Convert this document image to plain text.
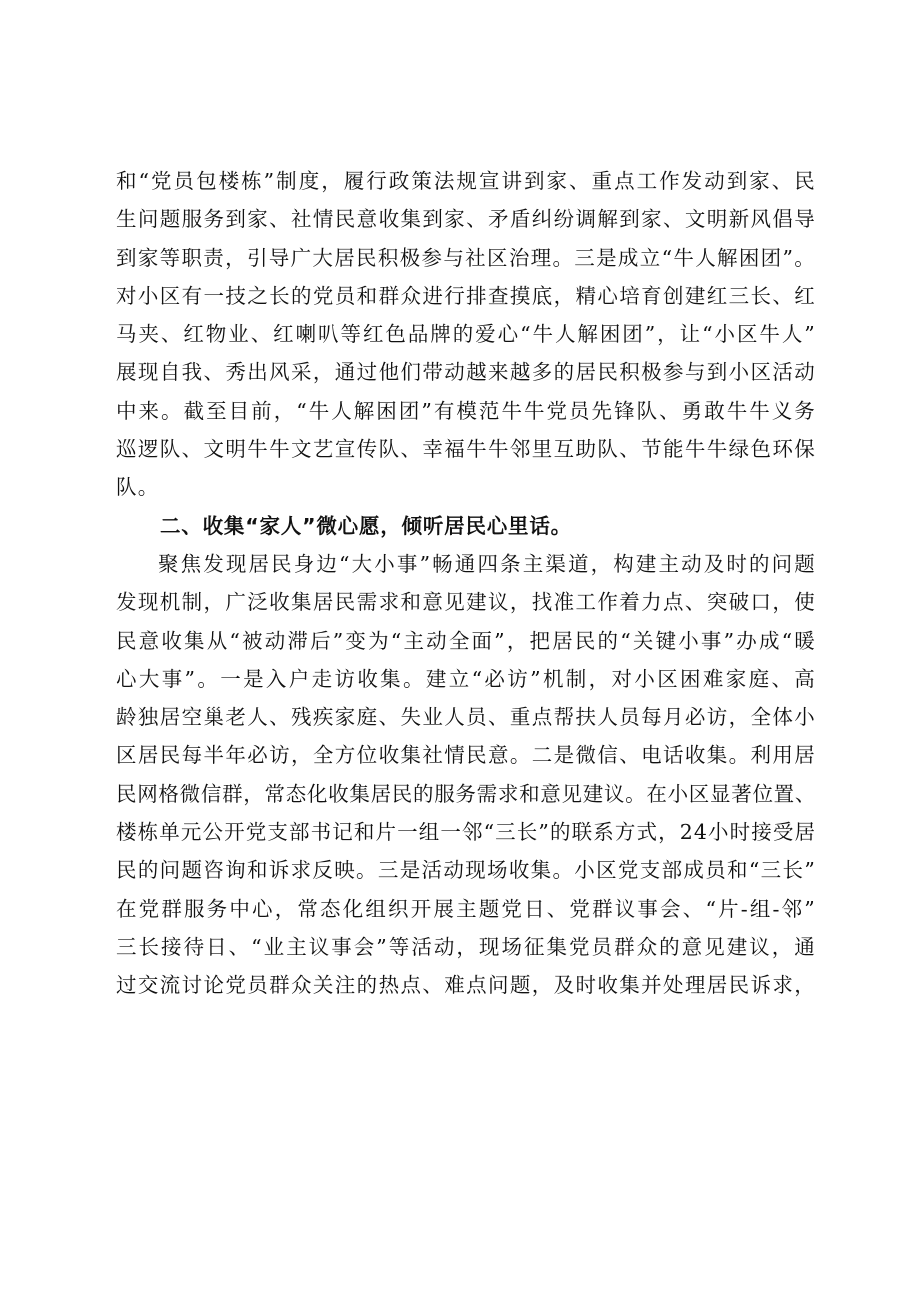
和“党员包楼栋”制度，履行政策法规宣讲到家、重点工作发动到家、民
生问题服务到家、社情民意收集到家、矛盾纠纷调解到家、文明新风倡导
到家等职责，引导广大居民积极参与社区治理。三是成立“牛人解困团”。
对小区有一技之长的党员和群众进行排查摸底，精心培育创建红三长、红
马夹、红物业、红喇叭等红色品牌的爱心“牛人解困团”，让“小区牛人”
展现自我、秀出风采，通过他们带动越来越多的居民积极参与到小区活动
中来。截至目前，“牛人解困团”有模范牛牛党员先锋队、勇敢牛牛义务
巡逻队、文明牛牛文艺宣传队、幸福牛牛邻里互助队、节能牛牛绿色环保
队。
二、收集“家人”微心愿，倾听居民心里话。
聚焦发现居民身边“大小事”畅通四条主渠道，构建主动及时的问题
发现机制，广泛收集居民需求和意见建议，找准工作着力点、突破口，使
民意收集从“被动滞后”变为“主动全面”，把居民的“关键小事”办成“暖
心大事”。一是入户走访收集。建立“必访”机制，对小区困难家庭、高
龄独居空巢老人、残疾家庭、失业人员、重点帮扶人员每月必访，全体小
区居民每半年必访，全方位收集社情民意。二是微信、电话收集。利用居
民网格微信群，常态化收集居民的服务需求和意见建议。在小区显著位置、
楼栋单元公开党支部书记和片一组一邻“三长”的联系方式，24小时接受居
民的问题咨询和诉求反映。三是活动现场收集。小区党支部成员和“三长”
在党群服务中心，常态化组织开展主题党日、党群议事会、“片-组-邻”
三长接待日、“业主议事会”等活动，现场征集党员群众的意见建议，通
过交流讨论党员群众关注的热点、难点问题，及时收集并处理居民诉求，
